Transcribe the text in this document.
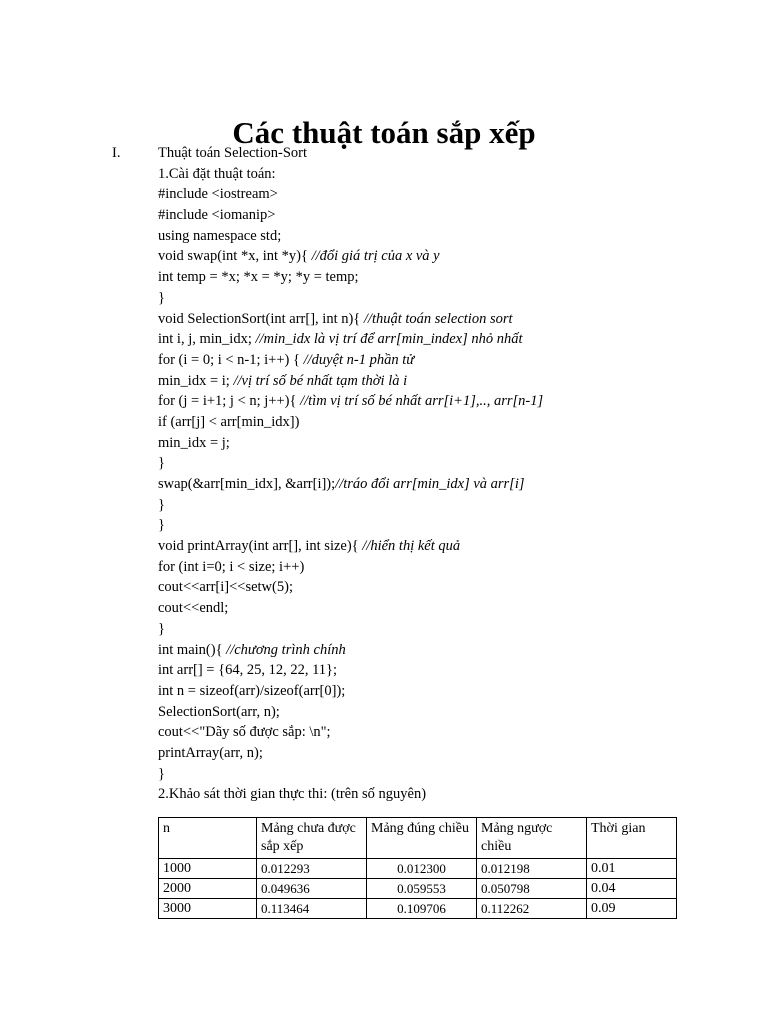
Các thuật toán sắp xếp
I.	Thuật toán Selection-Sort
1.Cài đặt thuật toán:
#include <iostream>
#include <iomanip>
using namespace std;
void swap(int *x, int *y){ //đổi giá trị của x và y
int temp = *x; *x = *y; *y = temp;
}
void SelectionSort(int arr[], int n){ //thuật toán selection sort
int i, j, min_idx; //min_idx là vị trí để arr[min_index] nhỏ nhất
for (i = 0; i < n-1; i++) { //duyệt n-1 phần tử
min_idx = i; //vị trí số bé nhất tạm thời là i
for (j = i+1; j < n; j++){ //tìm vị trí số bé nhất arr[i+1],.., arr[n-1]
if (arr[j] < arr[min_idx])
min_idx = j;
}
swap(&arr[min_idx], &arr[i]);//tráo đổi arr[min_idx] và arr[i]
}
}
void printArray(int arr[], int size){ //hiển thị kết quả
for (int i=0; i < size; i++)
cout<<arr[i]<<setw(5);
cout<<endl;
}
int main(){ //chương trình chính
int arr[] = {64, 25, 12, 22, 11};
int n = sizeof(arr)/sizeof(arr[0]);
SelectionSort(arr, n);
cout<<"Dãy số được sắp: \n";
printArray(arr, n);
}
2.Khảo sát thời gian thực thi: (trên số nguyên)
n	Mảng chưa được sắp xếp	Mảng đúng chiều	Mảng ngược chiều	Thời gian
1000	0.012293	0.012300	0.012198	0.01
2000	0.049636	0.059553	0.050798	0.04
3000	0.113464	0.109706	0.112262	0.09
